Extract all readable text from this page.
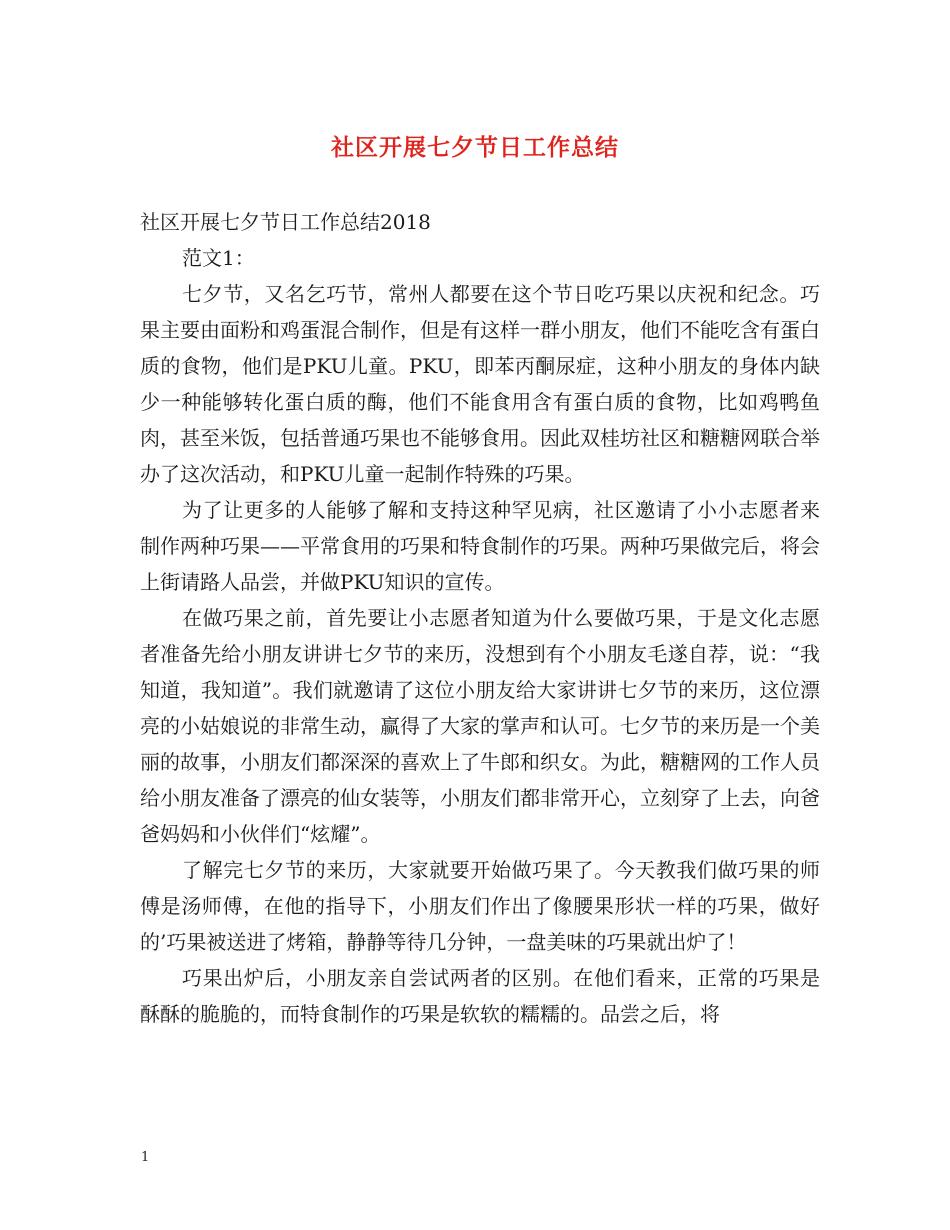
社区开展七夕节日工作总结

社区开展七夕节日工作总结2018

范文1：

七夕节，又名乞巧节，常州人都要在这个节日吃巧果以庆祝和纪念。巧果主要由面粉和鸡蛋混合制作，但是有这样一群小朋友，他们不能吃含有蛋白质的食物，他们是PKU儿童。PKU，即苯丙酮尿症，这种小朋友的身体内缺少一种能够转化蛋白质的酶，他们不能食用含有蛋白质的食物，比如鸡鸭鱼肉，甚至米饭，包括普通巧果也不能够食用。因此双桂坊社区和糖糖网联合举办了这次活动，和PKU儿童一起制作特殊的巧果。

为了让更多的人能够了解和支持这种罕见病，社区邀请了小小志愿者来制作两种巧果——平常食用的巧果和特食制作的巧果。两种巧果做完后，将会上街请路人品尝，并做PKU知识的宣传。

在做巧果之前，首先要让小志愿者知道为什么要做巧果，于是文化志愿者准备先给小朋友讲讲七夕节的来历，没想到有个小朋友毛遂自荐，说：“我知道，我知道”。我们就邀请了这位小朋友给大家讲讲七夕节的来历，这位漂亮的小姑娘说的非常生动，赢得了大家的掌声和认可。七夕节的来历是一个美丽的故事，小朋友们都深深的喜欢上了牛郎和织女。为此，糖糖网的工作人员给小朋友准备了漂亮的仙女装等，小朋友们都非常开心，立刻穿了上去，向爸爸妈妈和小伙伴们“炫耀”。

了解完七夕节的来历，大家就要开始做巧果了。今天教我们做巧果的师傅是汤师傅，在他的指导下，小朋友们作出了像腰果形状一样的巧果，做好的’巧果被送进了烤箱，静静等待几分钟，一盘美味的巧果就出炉了！

巧果出炉后，小朋友亲自尝试两者的区别。在他们看来，正常的巧果是酥酥的脆脆的，而特食制作的巧果是软软的糯糯的。品尝之后，将

1
